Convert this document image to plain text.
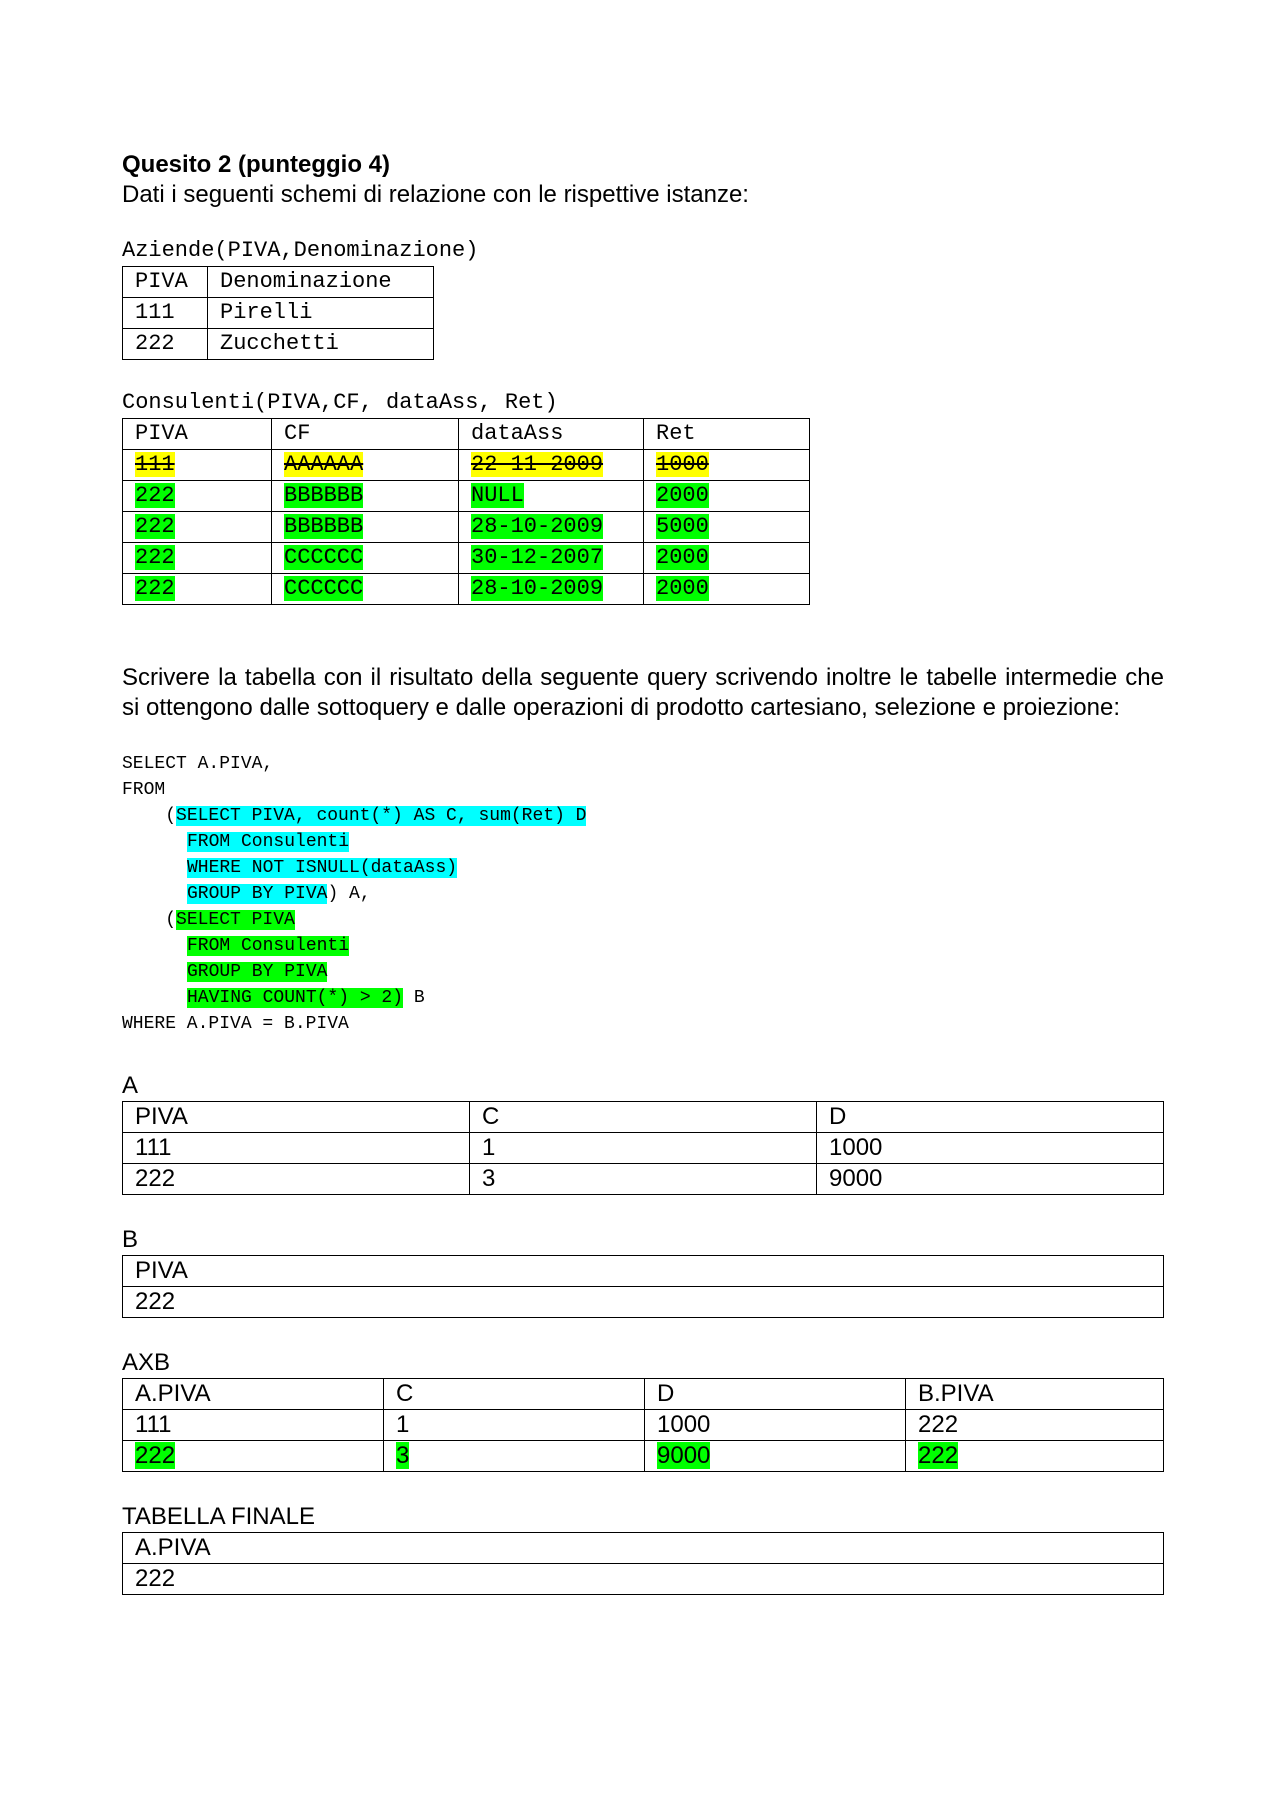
Quesito 2 (punteggio 4)

Dati i seguenti schemi di relazione con le rispettive istanze:

Aziende(PIVA,Denominazione)

PIVA	Denominazione
111	Pirelli
222	Zucchetti

Consulenti(PIVA,CF, dataAss, Ret)

PIVA	CF	dataAss	Ret
111	AAAAAA	22-11-2009	1000
222	BBBBBB	NULL	2000
222	BBBBBB	28-10-2009	5000
222	CCCCCC	30-12-2007	2000
222	CCCCCC	28-10-2009	2000

Scrivere la tabella con il risultato della seguente query scrivendo inoltre le tabelle intermedie che si ottengono dalle sottoquery e dalle operazioni di prodotto cartesiano, selezione e proiezione:

SELECT A.PIVA,
FROM
(SELECT PIVA, count(*) AS C, sum(Ret) D
FROM Consulenti
WHERE NOT ISNULL(dataAss)
GROUP BY PIVA) A,
(SELECT PIVA
FROM Consulenti
GROUP BY PIVA
HAVING COUNT(*) > 2) B
WHERE A.PIVA = B.PIVA

A

PIVA	C	D
111	1	1000
222	3	9000

B

PIVA
222

AXB

A.PIVA	C	D	B.PIVA
111	1	1000	222
222	3	9000	222

TABELLA FINALE

A.PIVA
222
